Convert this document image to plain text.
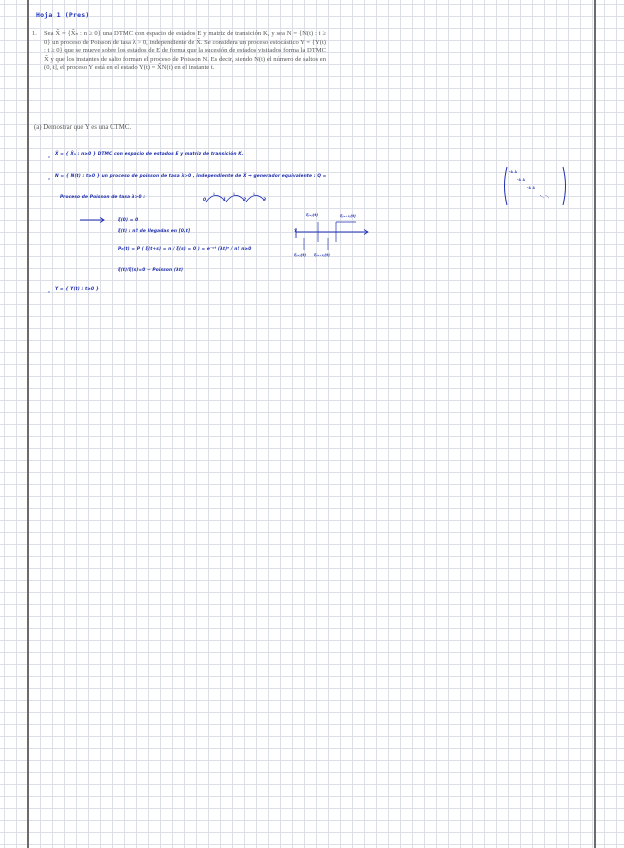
Hoja 1 (Pres)
1. Sea X̂ = {X̂ₙ : n ≥ 0} una DTMC con espacio de estados E y matriz de transición K, y sea N = {N(t) : t ≥ 0} un proceso de Poisson de tasa λ > 0, independiente de X̂. Se considera un proceso estocástico Y = {Y(t) : t ≥ 0} que se mueve sobre los estados de E de forma que la sucesión de estados visitados forma la DTMC X̂ y que los instantes de salto forman el proceso de Poisson N. Es decir, siendo N(t) el número de saltos en (0, t], el proceso Y está en el estado Y(t) = X̂N(t) en el instante t.
(a) Demostrar que Y es una CTMC.
X̂ = { X̂ₙ : n≥0 } DTMC con espacio de estados E y matriz de transición K.
N = { N(t) : t≥0 } un proceso de poisson de tasa λ>0 , independiente de X̂ ⇒ generador equivalente : Q =
-λ λ
-λ λ
-λ λ
⋱ ⋱
Proceso de Poisson de tasa λ>0 :
λ	λ	λ
0	1	2	3
ξ(0) = 0
ξ(t) : nº de llegadas en [0,t]
P₀(t) = P ( ξ(t+s) = n / ξ(s) = 0 ) = e⁻ᵘᵗ (λt)ⁿ / n! n≥0
ξ(t)/ξ(s)=0 ~ Poisson (λt)
ξ₍ₙ₎(t)	ξ₍ₙ₊₁₎(t)
T
ξ₍ₙ₎(t) ξ₍ₙ₊₁₎(t)
Y = { Y(t) : t≥0 }
